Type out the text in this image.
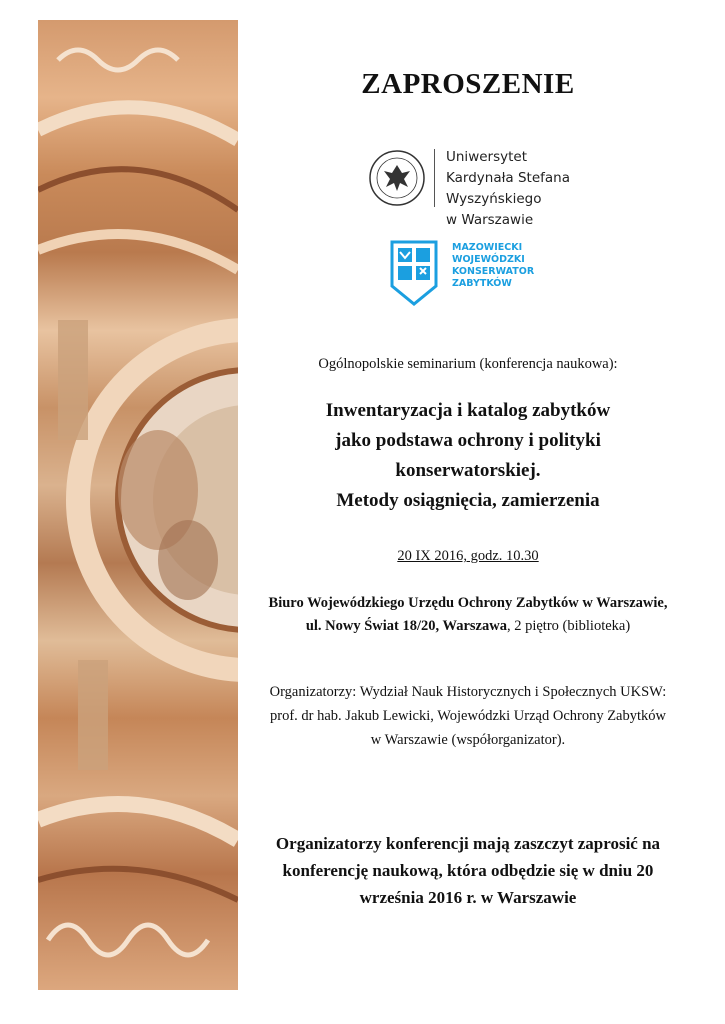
ZAPROSZENIE
Uniwersytet
Kardynała Stefana Wyszyńskiego
w Warszawie
MAZOWIECKI
WOJEWÓDZKI
KONSERWATOR
ZABYTKÓW
Ogólnopolskie seminarium (konferencja naukowa):
Inwentaryzacja i katalog zabytków
jako podstawa ochrony i polityki
konserwatorskiej.
Metody osiągnięcia, zamierzenia
20 IX 2016, godz. 10.30
Biuro Wojewódzkiego Urzędu Ochrony Zabytków w Warszawie, ul. Nowy Świat 18/20, Warszawa, 2 piętro (biblioteka)
Organizatorzy: Wydział Nauk Historycznych i Społecznych UKSW: prof. dr hab. Jakub Lewicki, Wojewódzki Urząd Ochrony Zabytków w Warszawie (współorganizator).
Organizatorzy konferencji mają zaszczyt zaprosić na konferencję naukową, która odbędzie się w dniu 20 września 2016 r. w Warszawie
